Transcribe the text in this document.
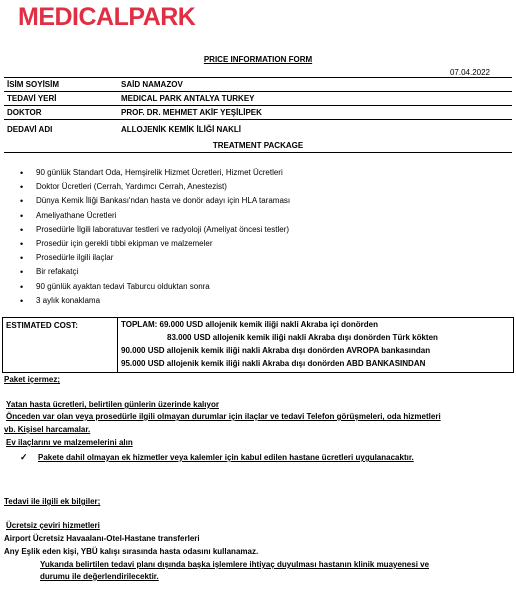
MEDICALPARK
PRICE INFORMATION FORM
07.04.2022
İSİM SOYİSİM	SAİD NAMAZOV
TEDAVİ YERİ	MEDICAL PARK ANTALYA TURKEY
DOKTOR	PROF. DR. MEHMET AKİF YEŞİLİPEK
DEDAVİ ADI	ALLOJENİK KEMİK İLİĞİ NAKLİ
TREATMENT PACKAGE
• 90 günlük Standart Oda, Hemşirelik Hizmet Ücretleri, Hizmet Ücretleri
• Doktor Ücretleri (Cerrah, Yardımcı Cerrah, Anestezist)
• Dünya Kemik İliği Bankası'ndan hasta ve donör adayı için HLA taraması
• Ameliyathane Ücretleri
• Prosedürle İlgili laboratuvar testleri ve radyoloji (Ameliyat öncesi testler)
• Prosedür için gerekli tıbbi ekipman ve malzemeler
• Prosedürle ilgili ilaçlar
• Bir refakatçi
• 90 günlük ayaktan tedavi Taburcu olduktan sonra
• 3 aylık konaklama
ESTIMATED COST:	TOPLAM: 69.000 USD allojenik kemik iliği nakli Akraba içi donörden
83.000 USD allojenik kemik iliği nakli Akraba dışı donörden Türk kökten
90.000 USD allojenik kemik iliği nakli Akraba dışı donörden AVROPA bankasından
95.000 USD allojenik kemik iliği nakli Akraba dışı donörden ABD BANKASINDAN
Paket içermez;
Yatan hasta ücretleri, belirtilen günlerin üzerinde kalıyor
Önceden var olan veya prosedürle ilgili olmayan durumlar için ilaçlar ve tedavi Telefon görüşmeleri, oda hizmetleri
vb. Kişisel harcamalar.
Ev ilaçlarını ve malzemelerini alın
✓ Pakete dahil olmayan ek hizmetler veya kalemler için kabul edilen hastane ücretleri uygulanacaktır.
Tedavi ile ilgili ek bilgiler;
Ücretsiz çeviri hizmetleri
Airport Ücretsiz Havaalanı-Otel-Hastane transferleri
Any Eşlik eden kişi, YBÜ kalışı sırasında hasta odasını kullanamaz.
Yukarıda belirtilen tedavi planı dışında başka işlemlere ihtiyaç duyulması hastanın klinik muayenesi ve
durumu ile değerlendirilecektir.
